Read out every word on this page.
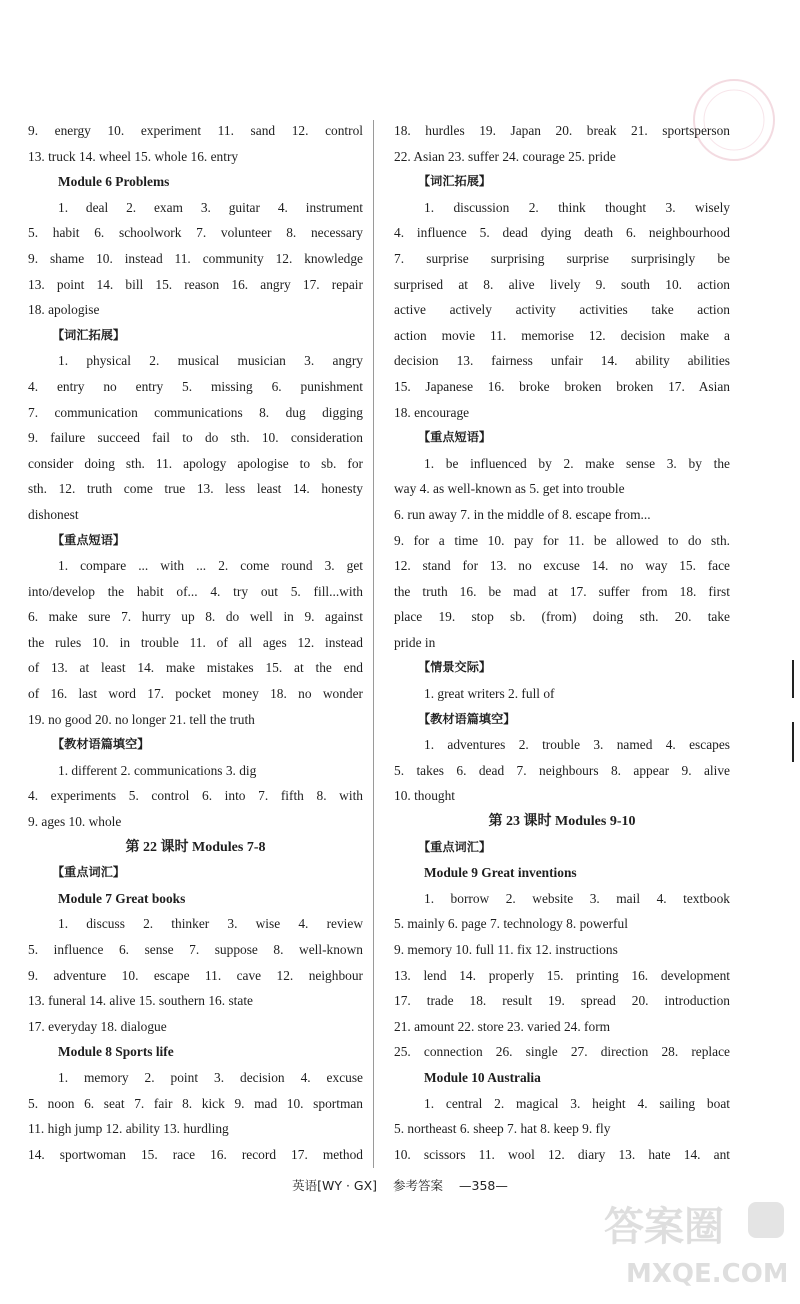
9. energy 10. experiment 11. sand 12. control
13. truck 14. wheel 15. whole 16. entry
Module 6 Problems
1. deal 2. exam 3. guitar 4. instrument
5. habit 6. schoolwork 7. volunteer 8. necessary
9. shame 10. instead 11. community 12. knowledge
13. point 14. bill 15. reason 16. angry 17. repair
18. apologise
【词汇拓展】
1. physical 2. musical musician 3. angry
4. entry no entry 5. missing 6. punishment
7. communication communications 8. dug digging
9. failure succeed fail to do sth. 10. consideration
consider doing sth. 11. apology apologise to sb. for
sth. 12. truth come true 13. less least 14. honesty
dishonest
【重点短语】
1. compare ... with ... 2. come round 3. get
into/develop the habit of... 4. try out 5. fill...with
6. make sure 7. hurry up 8. do well in 9. against
the rules 10. in trouble 11. of all ages 12. instead
of 13. at least 14. make mistakes 15. at the end
of 16. last word 17. pocket money 18. no wonder
19. no good 20. no longer 21. tell the truth
【教材语篇填空】
1. different 2. communications 3. dig
4. experiments 5. control 6. into 7. fifth 8. with
9. ages 10. whole
第 22 课时 Modules 7-8
【重点词汇】
Module 7 Great books
1. discuss 2. thinker 3. wise 4. review
5. influence 6. sense 7. suppose 8. well-known
9. adventure 10. escape 11. cave 12. neighbour
13. funeral 14. alive 15. southern 16. state
17. everyday 18. dialogue
Module 8 Sports life
1. memory 2. point 3. decision 4. excuse
5. noon 6. seat 7. fair 8. kick 9. mad 10. sportman
11. high jump 12. ability 13. hurdling
14. sportwoman 15. race 16. record 17. method
18. hurdles 19. Japan 20. break 21. sportsperson
22. Asian 23. suffer 24. courage 25. pride
【词汇拓展】
1. discussion 2. think thought 3. wisely
4. influence 5. dead dying death 6. neighbourhood
7. surprise surprising surprise surprisingly be
surprised at 8. alive lively 9. south 10. action
active actively activity activities take action
action movie 11. memorise 12. decision make a
decision 13. fairness unfair 14. ability abilities
15. Japanese 16. broke broken broken 17. Asian
18. encourage
【重点短语】
1. be influenced by 2. make sense 3. by the
way 4. as well-known as 5. get into trouble
6. run away 7. in the middle of 8. escape from...
9. for a time 10. pay for 11. be allowed to do sth.
12. stand for 13. no excuse 14. no way 15. face
the truth 16. be mad at 17. suffer from 18. first
place 19. stop sb. (from) doing sth. 20. take
pride in
【情景交际】
1. great writers 2. full of
【教材语篇填空】
1. adventures 2. trouble 3. named 4. escapes
5. takes 6. dead 7. neighbours 8. appear 9. alive
10. thought
第 23 课时 Modules 9-10
【重点词汇】
Module 9 Great inventions
1. borrow 2. website 3. mail 4. textbook
5. mainly 6. page 7. technology 8. powerful
9. memory 10. full 11. fix 12. instructions
13. lend 14. properly 15. printing 16. development
17. trade 18. result 19. spread 20. introduction
21. amount 22. store 23. varied 24. form
25. connection 26. single 27. direction 28. replace
Module 10 Australia
1. central 2. magical 3. height 4. sailing boat
5. northeast 6. sheep 7. hat 8. keep 9. fly
10. scissors 11. wool 12. diary 13. hate 14. ant
英语[WY · GX] 参考答案 —358—
答案圈
MXQE.COM
